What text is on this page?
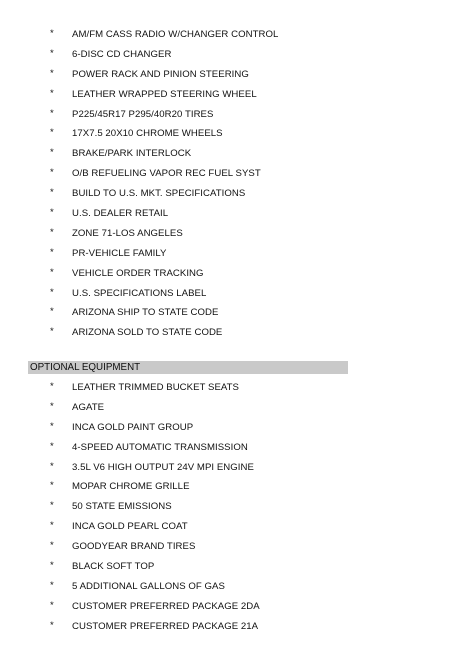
* AM/FM CASS RADIO W/CHANGER CONTROL
* 6-DISC CD CHANGER
* POWER RACK AND PINION STEERING
* LEATHER WRAPPED STEERING WHEEL
* P225/45R17 P295/40R20 TIRES
* 17X7.5 20X10 CHROME WHEELS
* BRAKE/PARK INTERLOCK
* O/B REFUELING VAPOR REC FUEL SYST
* BUILD TO U.S. MKT. SPECIFICATIONS
* U.S. DEALER RETAIL
* ZONE 71-LOS ANGELES
* PR-VEHICLE FAMILY
* VEHICLE ORDER TRACKING
* U.S. SPECIFICATIONS LABEL
* ARIZONA SHIP TO STATE CODE
* ARIZONA SOLD TO STATE CODE
OPTIONAL EQUIPMENT
* LEATHER TRIMMED BUCKET SEATS
* AGATE
* INCA GOLD PAINT GROUP
* 4-SPEED AUTOMATIC TRANSMISSION
* 3.5L V6 HIGH OUTPUT 24V MPI ENGINE
* MOPAR CHROME GRILLE
* 50 STATE EMISSIONS
* INCA GOLD PEARL COAT
* GOODYEAR BRAND TIRES
* BLACK SOFT TOP
* 5 ADDITIONAL GALLONS OF GAS
* CUSTOMER PREFERRED PACKAGE 2DA
* CUSTOMER PREFERRED PACKAGE 21A
